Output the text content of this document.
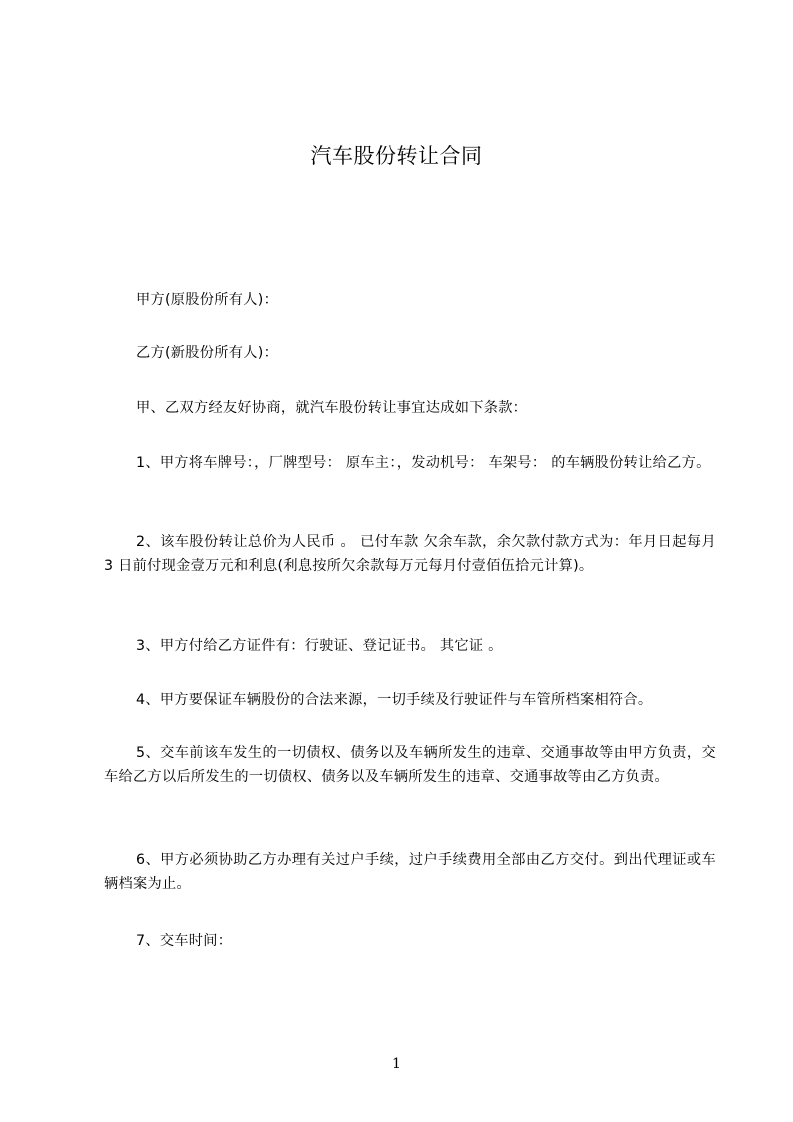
汽车股份转让合同
甲方(原股份所有人)：
乙方(新股份所有人)：
甲、乙双方经友好协商，就汽车股份转让事宜达成如下条款：
1、甲方将车牌号：，厂牌型号： 原车主：，发动机号： 车架号： 的车辆股份转让给乙方。
2、该车股份转让总价为人民币 。 已付车款 欠余车款，余欠款付款方式为：年月日起每月 3 日前付现金壹万元和利息(利息按所欠余款每万元每月付壹佰伍拾元计算)。
3、甲方付给乙方证件有：行驶证、登记证书。 其它证 。
4、甲方要保证车辆股份的合法来源，一切手续及行驶证件与车管所档案相符合。
5、交车前该车发生的一切债权、债务以及车辆所发生的违章、交通事故等由甲方负责，交车给乙方以后所发生的一切债权、债务以及车辆所发生的违章、交通事故等由乙方负责。
6、甲方必须协助乙方办理有关过户手续，过户手续费用全部由乙方交付。到出代理证或车辆档案为止。
7、交车时间：
1
